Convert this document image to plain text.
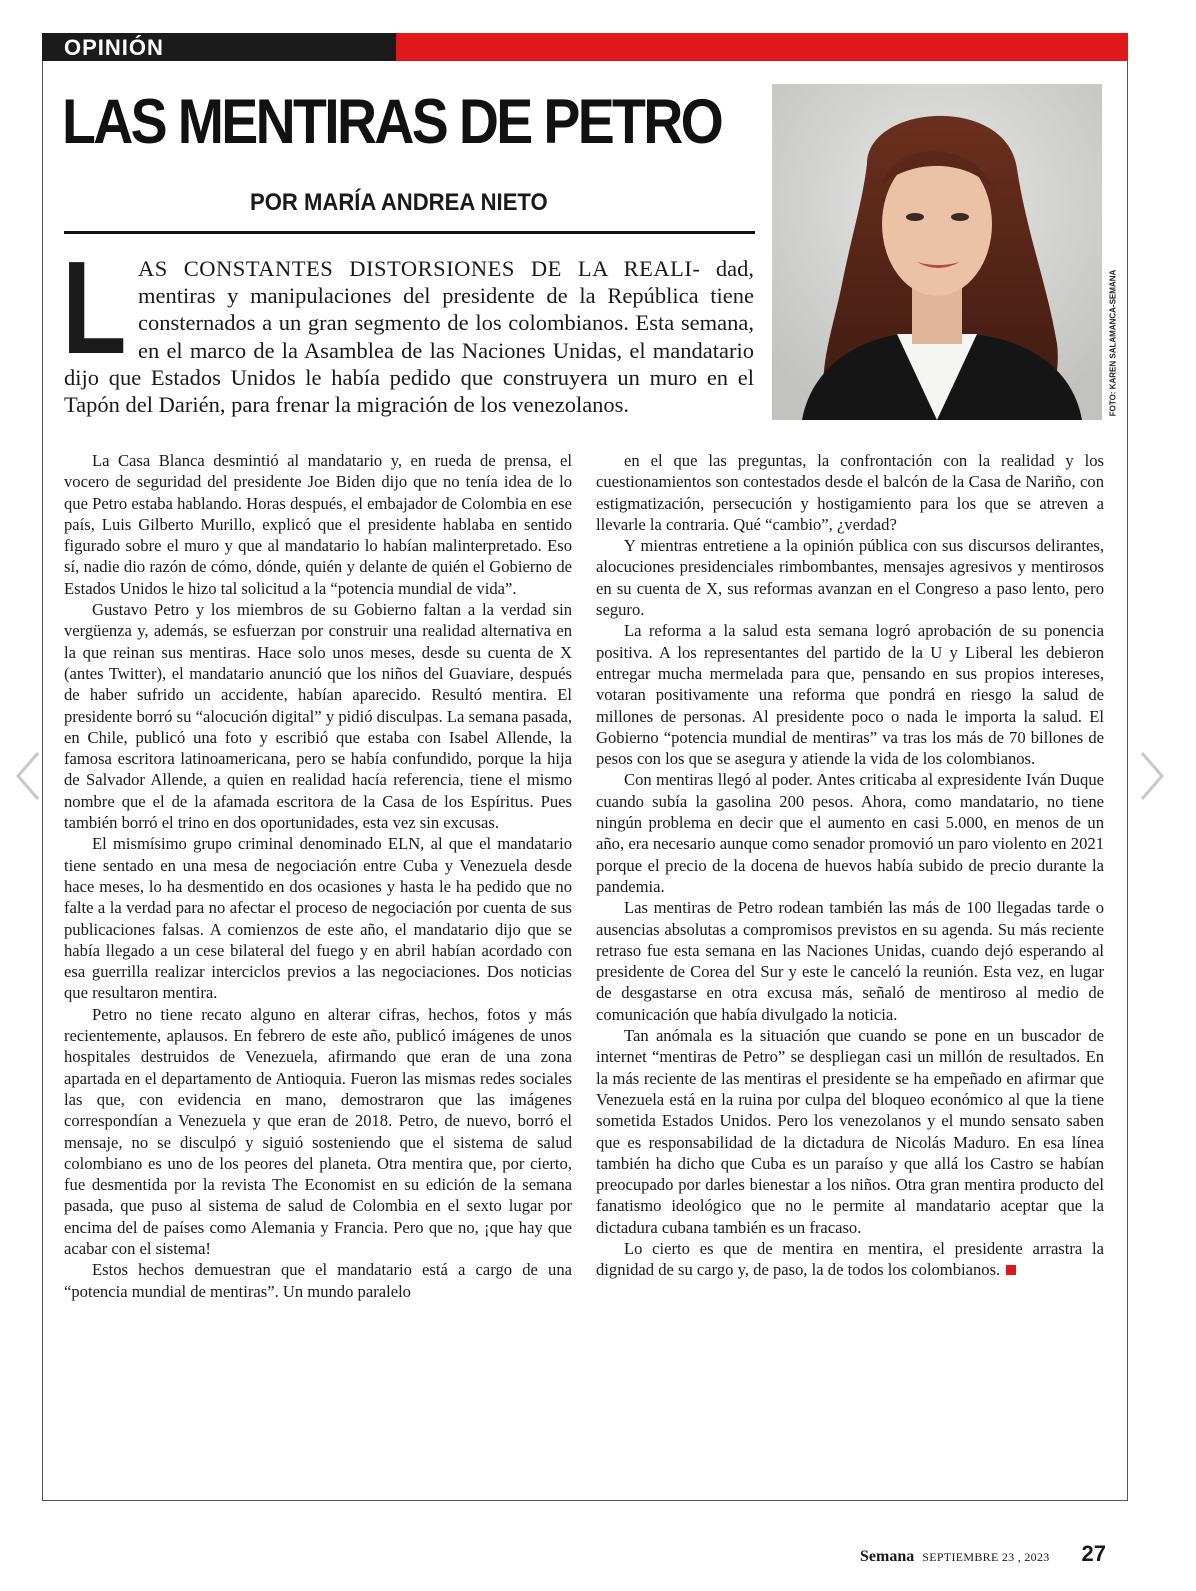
OPINIÓN
LAS MENTIRAS DE PETRO
POR MARÍA ANDREA NIETO
FOTO: KAREN SALAMANCA-SEMANA
L AS CONSTANTES DISTORSIONES DE LA REALI- dad, mentiras y manipulaciones del presidente de la República tiene consternados a un gran segmento de los colombianos. Esta semana, en el marco de la Asamblea de las Naciones Unidas, el mandatario dijo que Estados Unidos le había pedido que construyera un muro en el Tapón del Darién, para frenar la migración de los venezolanos.

La Casa Blanca desmintió al mandatario y, en rueda de prensa, el vocero de seguridad del presidente Joe Biden dijo que no tenía idea de lo que Petro estaba hablando. Horas después, el embajador de Colombia en ese país, Luis Gilberto Murillo, explicó que el presidente hablaba en sentido figurado sobre el muro y que al mandatario lo habían malinterpretado. Eso sí, nadie dio razón de cómo, dónde, quién y delante de quién el Gobierno de Estados Unidos le hizo tal solicitud a la “potencia mundial de vida”.

Gustavo Petro y los miembros de su Gobierno faltan a la verdad sin vergüenza y, además, se esfuerzan por construir una realidad alternativa en la que reinan sus mentiras. Hace solo unos meses, desde su cuenta de X (antes Twitter), el mandatario anunció que los niños del Guaviare, después de haber sufrido un accidente, habían aparecido. Resultó mentira. El presidente borró su “alocución digital” y pidió disculpas. La semana pasada, en Chile, publicó una foto y escribió que estaba con Isabel Allende, la famosa escritora latinoamericana, pero se había confundido, porque la hija de Salvador Allende, a quien en realidad hacía referencia, tiene el mismo nombre que el de la afamada escritora de la Casa de los Espíritus. Pues también borró el trino en dos oportunidades, esta vez sin excusas.

El mismísimo grupo criminal denominado ELN, al que el mandatario tiene sentado en una mesa de negociación entre Cuba y Venezuela desde hace meses, lo ha desmentido en dos ocasiones y hasta le ha pedido que no falte a la verdad para no afectar el proceso de negociación por cuenta de sus publicaciones falsas. A comienzos de este año, el mandatario dijo que se había llegado a un cese bilateral del fuego y en abril habían acordado con esa guerrilla realizar interciclos previos a las negociaciones. Dos noticias que resultaron mentira.

Petro no tiene recato alguno en alterar cifras, hechos, fotos y más recientemente, aplausos. En febrero de este año, publicó imágenes de unos hospitales destruidos de Venezuela, afirmando que eran de una zona apartada en el departamento de Antioquia. Fueron las mismas redes sociales las que, con evidencia en mano, demostraron que las imágenes correspondían a Venezuela y que eran de 2018. Petro, de nuevo, borró el mensaje, no se disculpó y siguió sosteniendo que el sistema de salud colombiano es uno de los peores del planeta. Otra mentira que, por cierto, fue desmentida por la revista The Economist en su edición de la semana pasada, que puso al sistema de salud de Colombia en el sexto lugar por encima del de países como Alemania y Francia. Pero que no, ¡que hay que acabar con el sistema!

Estos hechos demuestran que el mandatario está a cargo de una “potencia mundial de mentiras”. Un mundo paralelo

en el que las preguntas, la confrontación con la realidad y los cuestionamientos son contestados desde el balcón de la Casa de Nariño, con estigmatización, persecución y hostigamiento para los que se atreven a llevarle la contraria. Qué “cambio”, ¿verdad?

Y mientras entretiene a la opinión pública con sus discursos delirantes, alocuciones presidenciales rimbombantes, mensajes agresivos y mentirosos en su cuenta de X, sus reformas avanzan en el Congreso a paso lento, pero seguro.

La reforma a la salud esta semana logró aprobación de su ponencia positiva. A los representantes del partido de la U y Liberal les debieron entregar mucha mermelada para que, pensando en sus propios intereses, votaran positivamente una reforma que pondrá en riesgo la salud de millones de personas. Al presidente poco o nada le importa la salud. El Gobierno “potencia mundial de mentiras” va tras los más de 70 billones de pesos con los que se asegura y atiende la vida de los colombianos.

Con mentiras llegó al poder. Antes criticaba al expresidente Iván Duque cuando subía la gasolina 200 pesos. Ahora, como mandatario, no tiene ningún problema en decir que el aumento en casi 5.000, en menos de un año, era necesario aunque como senador promovió un paro violento en 2021 porque el precio de la docena de huevos había subido de precio durante la pandemia.

Las mentiras de Petro rodean también las más de 100 llegadas tarde o ausencias absolutas a compromisos previstos en su agenda. Su más reciente retraso fue esta semana en las Naciones Unidas, cuando dejó esperando al presidente de Corea del Sur y este le canceló la reunión. Esta vez, en lugar de desgastarse en otra excusa más, señaló de mentiroso al medio de comunicación que había divulgado la noticia.

Tan anómala es la situación que cuando se pone en un buscador de internet “mentiras de Petro” se despliegan casi un millón de resultados. En la más reciente de las mentiras el presidente se ha empeñado en afirmar que Venezuela está en la ruina por culpa del bloqueo económico al que la tiene sometida Estados Unidos. Pero los venezolanos y el mundo sensato saben que es responsabilidad de la dictadura de Nicolás Maduro. En esa línea también ha dicho que Cuba es un paraíso y que allá los Castro se habían preocupado por darles bienestar a los niños. Otra gran mentira producto del fanatismo ideológico que no le permite al mandatario aceptar que la dictadura cubana también es un fracaso.

Lo cierto es que de mentira en mentira, el presidente arrastra la dignidad de su cargo y, de paso, la de todos los colombianos.

Semana SEPTIEMBRE 23 , 2023 27
